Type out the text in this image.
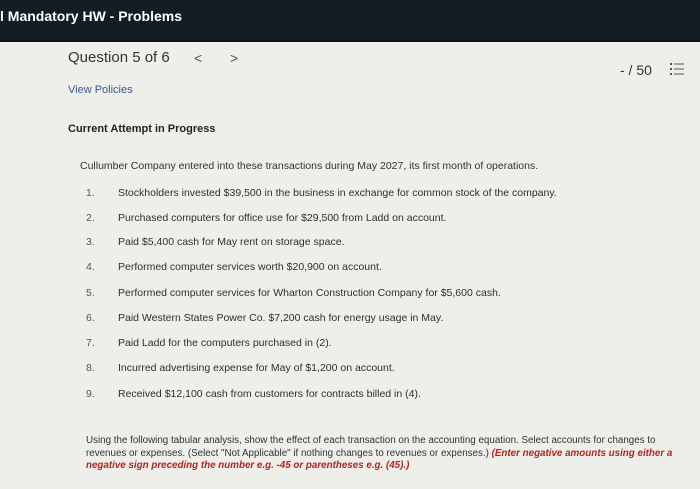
l Mandatory HW - Problems
Question 5 of 6 < >
- / 50
View Policies
Current Attempt in Progress
Cullumber Company entered into these transactions during May 2027, its first month of operations.
1. Stockholders invested $39,500 in the business in exchange for common stock of the company.
2. Purchased computers for office use for $29,500 from Ladd on account.
3. Paid $5,400 cash for May rent on storage space.
4. Performed computer services worth $20,900 on account.
5. Performed computer services for Wharton Construction Company for $5,600 cash.
6. Paid Western States Power Co. $7,200 cash for energy usage in May.
7. Paid Ladd for the computers purchased in (2).
8. Incurred advertising expense for May of $1,200 on account.
9. Received $12,100 cash from customers for contracts billed in (4).
Using the following tabular analysis, show the effect of each transaction on the accounting equation. Select accounts for changes to revenues or expenses. (Select "Not Applicable" if nothing changes to revenues or expenses.) (Enter negative amounts using either a negative sign preceding the number e.g. -45 or parentheses e.g. (45).)
